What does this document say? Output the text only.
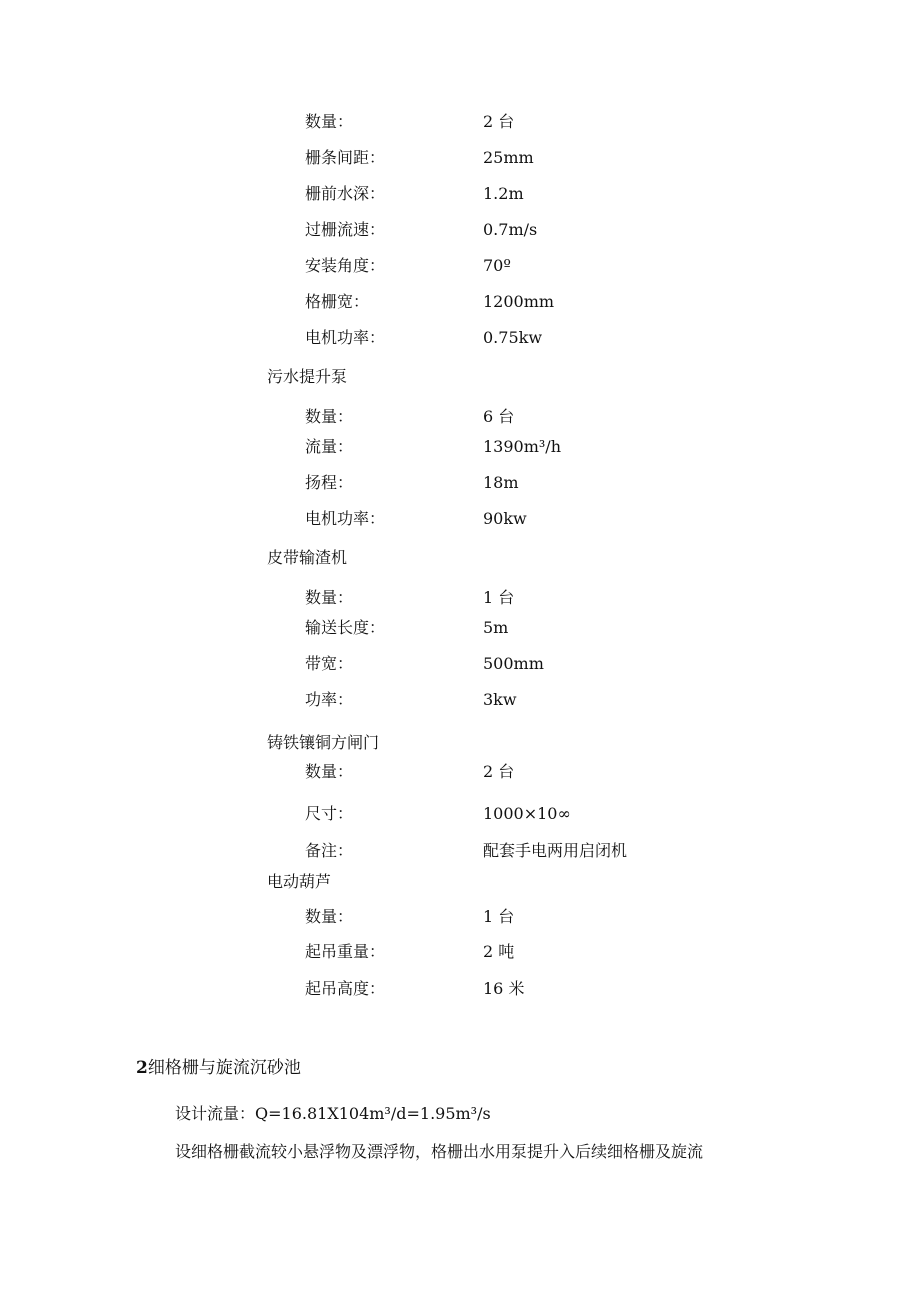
数量：	2 台
栅条间距：	25mm
栅前水深：	1.2m
过栅流速：	0.7m/s
安装角度：	70º
格栅宽：	1200mm
电机功率：	0.75kw
污水提升泵
数量：	6 台
流量：	1390m³/h
扬程：	18m
电机功率：	90kw
皮带输渣机
数量：	1 台
输送长度：	5m
带宽：	500mm
功率：	3kw
铸铁镶铜方闸门
数量：	2 台
尺寸：	1000×10∞
备注：	配套手电两用启闭机
电动葫芦
数量：	1 台
起吊重量：	2 吨
起吊高度：	16 米
2细格栅与旋流沉砂池
设计流量：Q=16.81X104m³/d=1.95m³/s
设细格栅截流较小悬浮物及漂浮物，格栅出水用泵提升入后续细格栅及旋流
